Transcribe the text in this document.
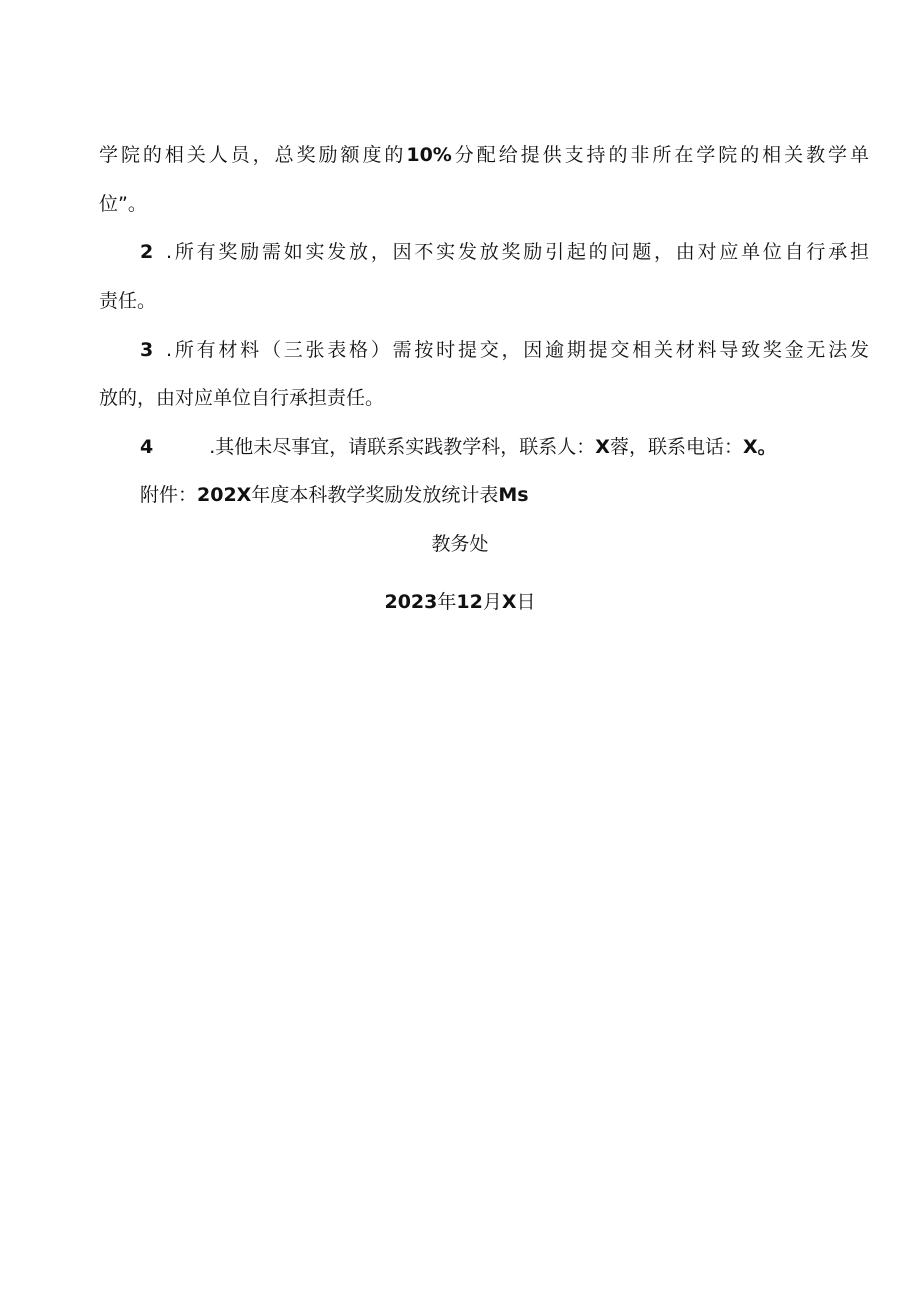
学院的相关人员，总奖励额度的10%分配给提供支持的非所在学院的相关教学单
位”。
2 .所有奖励需如实发放，因不实发放奖励引起的问题，由对应单位自行承担
责任。
3 .所有材料（三张表格）需按时提交，因逾期提交相关材料导致奖金无法发
放的，由对应单位自行承担责任。
4	.其他未尽事宜，请联系实践教学科，联系人：X蓉，联系电话：X。
附件：202X年度本科教学奖励发放统计表Ms
教务处
2023年12月X日
